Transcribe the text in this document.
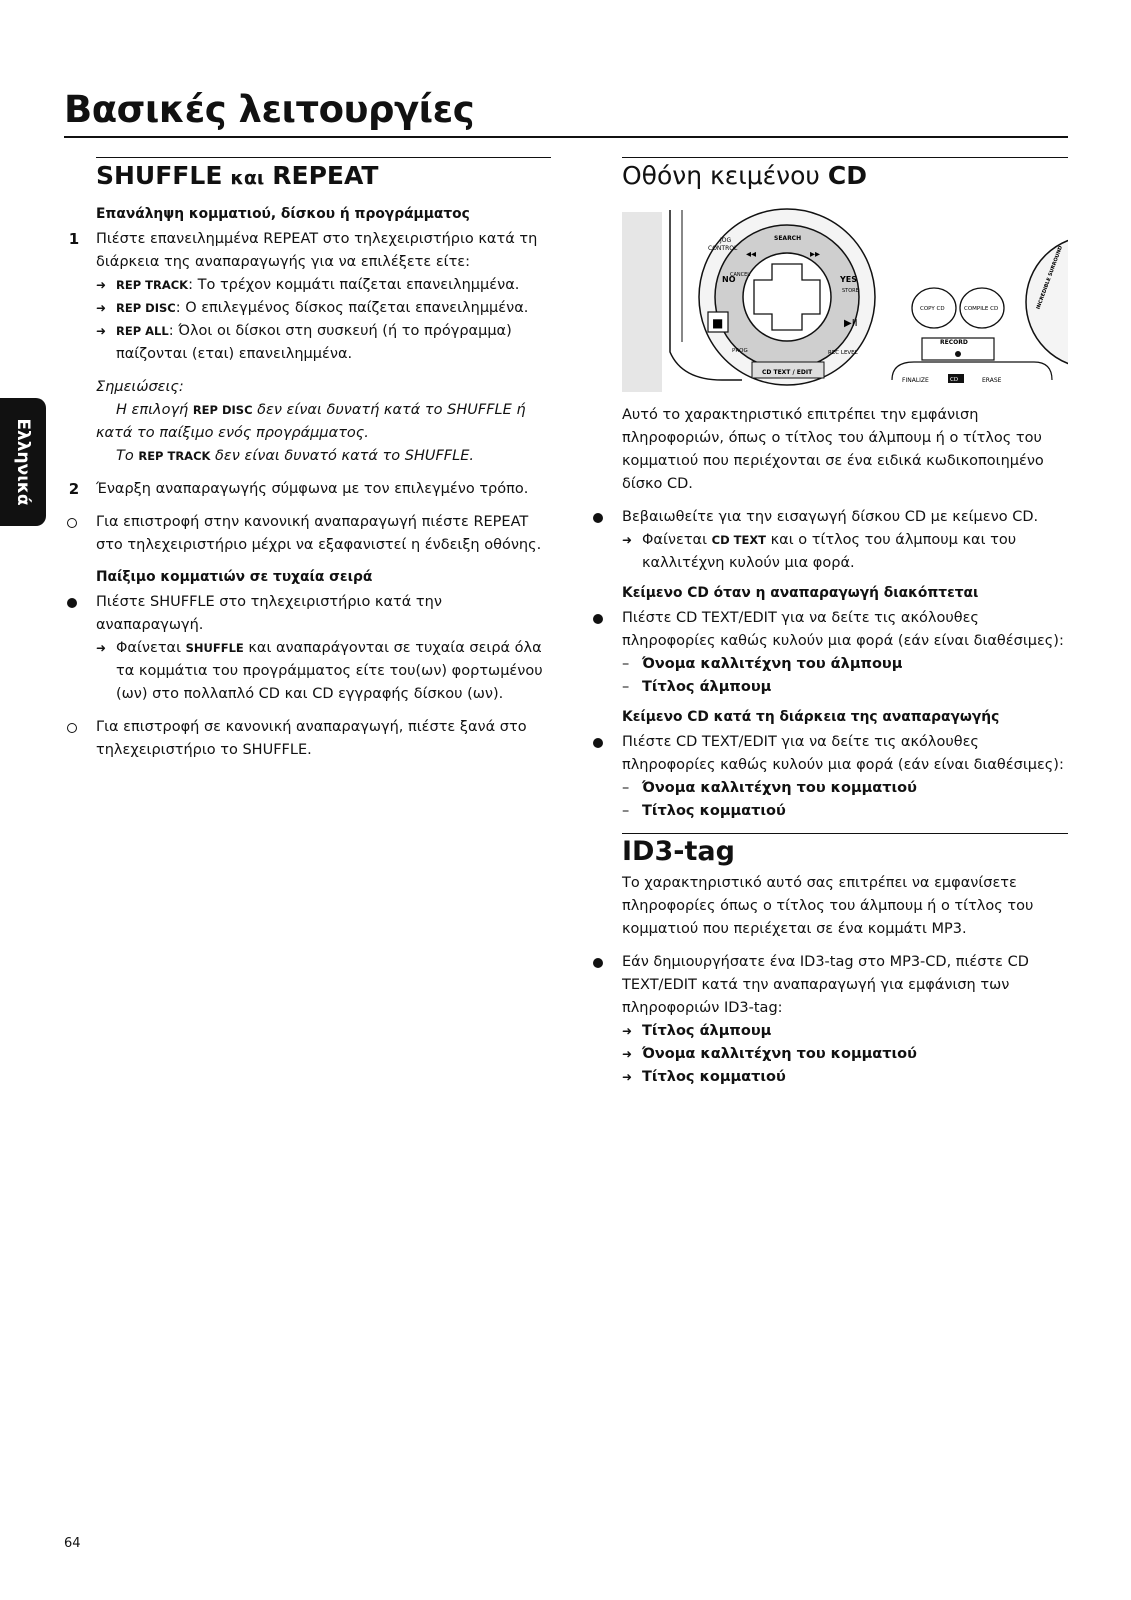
Βασικές λειτουργίες
Ελληνικά
SHUFFLE και REPEAT
Επανάληψη κομματιού, δίσκου ή προγράμματος
1	Πιέστε επανειλημμένα REPEAT στο τηλεχειριστήριο κατά τη διάρκεια της αναπαραγωγής για να επιλέξετε είτε:

➜ REP TRACK: Το τρέχον κομμάτι παίζεται επανειλημμένα.
➜ REP DISC: Ο επιλεγμένος δίσκος παίζεται επανειλημμένα.
➜ REP ALL: Όλοι οι δίσκοι στη συσκευή (ή το πρόγραμμα) παίζονται (εται) επανειλημμένα.
Σημειώσεις:
Η επιλογή REP DISC δεν είναι δυνατή κατά το SHUFFLE ή κατά το παίξιμο ενός προγράμματος.
Το REP TRACK δεν είναι δυνατό κατά το SHUFFLE.
2	Έναρξη αναπαραγωγής σύμφωνα με τον επιλεγμένο τρόπο.

Για επιστροφή στην κανονική αναπαραγωγή πιέστε REPEAT στο τηλεχειριστήριο μέχρι να εξαφανιστεί η ένδειξη οθόνης.

Παίξιμο κομματιών σε τυχαία σειρά

Πιέστε SHUFFLE στο τηλεχειριστήριο κατά την αναπαραγωγή.

➜ Φαίνεται SHUFFLE και αναπαράγονται σε τυχαία σειρά όλα τα κομμάτια του προγράμματος είτε του(ων) φορτωμένου (ων) στο πολλαπλό CD και CD εγγραφής δίσκου (ων).

Για επιστροφή σε κανονική αναπαραγωγή, πιέστε ξανά στο τηλεχειριστήριο το SHUFFLE.

Οθόνη κειμένου CD
JOG
CONTROL
SEARCH
◂◂	▸▸
NO
CANCEL	YES
STORE
■	▶II
PROG	REC LEVEL
CD TEXT / EDIT
COPY CD	COMPILE CD
RECORD
FINALIZE	CD	ERASE
INCREDIBLE SURROUND

Αυτό το χαρακτηριστικό επιτρέπει την εμφάνιση πληροφοριών, όπως ο τίτλος του άλμπουμ ή ο τίτλος του κομματιού που περιέχονται σε ένα ειδικά κωδικοποιημένο δίσκο CD.

Βεβαιωθείτε για την εισαγωγή δίσκου CD με κείμενο CD.

➜ Φαίνεται CD TEXT και ο τίτλος του άλμπουμ και του καλλιτέχνη κυλούν μια φορά.
Κείμενο CD όταν η αναπαραγωγή διακόπτεται

Πιέστε CD TEXT/EDIT για να δείτε τις ακόλουθες πληροφορίες καθώς κυλούν μια φορά (εάν είναι διαθέσιμες):

– Όνομα καλλιτέχνη του άλμπουμ
– Τίτλος άλμπουμ
Κείμενο CD κατά τη διάρκεια της αναπαραγωγής

Πιέστε CD TEXT/EDIT για να δείτε τις ακόλουθες πληροφορίες καθώς κυλούν μια φορά (εάν είναι διαθέσιμες):

– Όνομα καλλιτέχνη του κομματιού
– Τίτλος κομματιού
ID3-tag

Το χαρακτηριστικό αυτό σας επιτρέπει να εμφανίσετε πληροφορίες όπως ο τίτλος του άλμπουμ ή ο τίτλος του κομματιού που περιέχεται σε ένα κομμάτι MP3.

Εάν δημιουργήσατε ένα ID3-tag στο MP3-CD, πιέστε CD TEXT/EDIT κατά την αναπαραγωγή για εμφάνιση των πληροφοριών ID3-tag:

➜ Τίτλος άλμπουμ
➜ Όνομα καλλιτέχνη του κομματιού
➜ Τίτλος κομματιού
64
